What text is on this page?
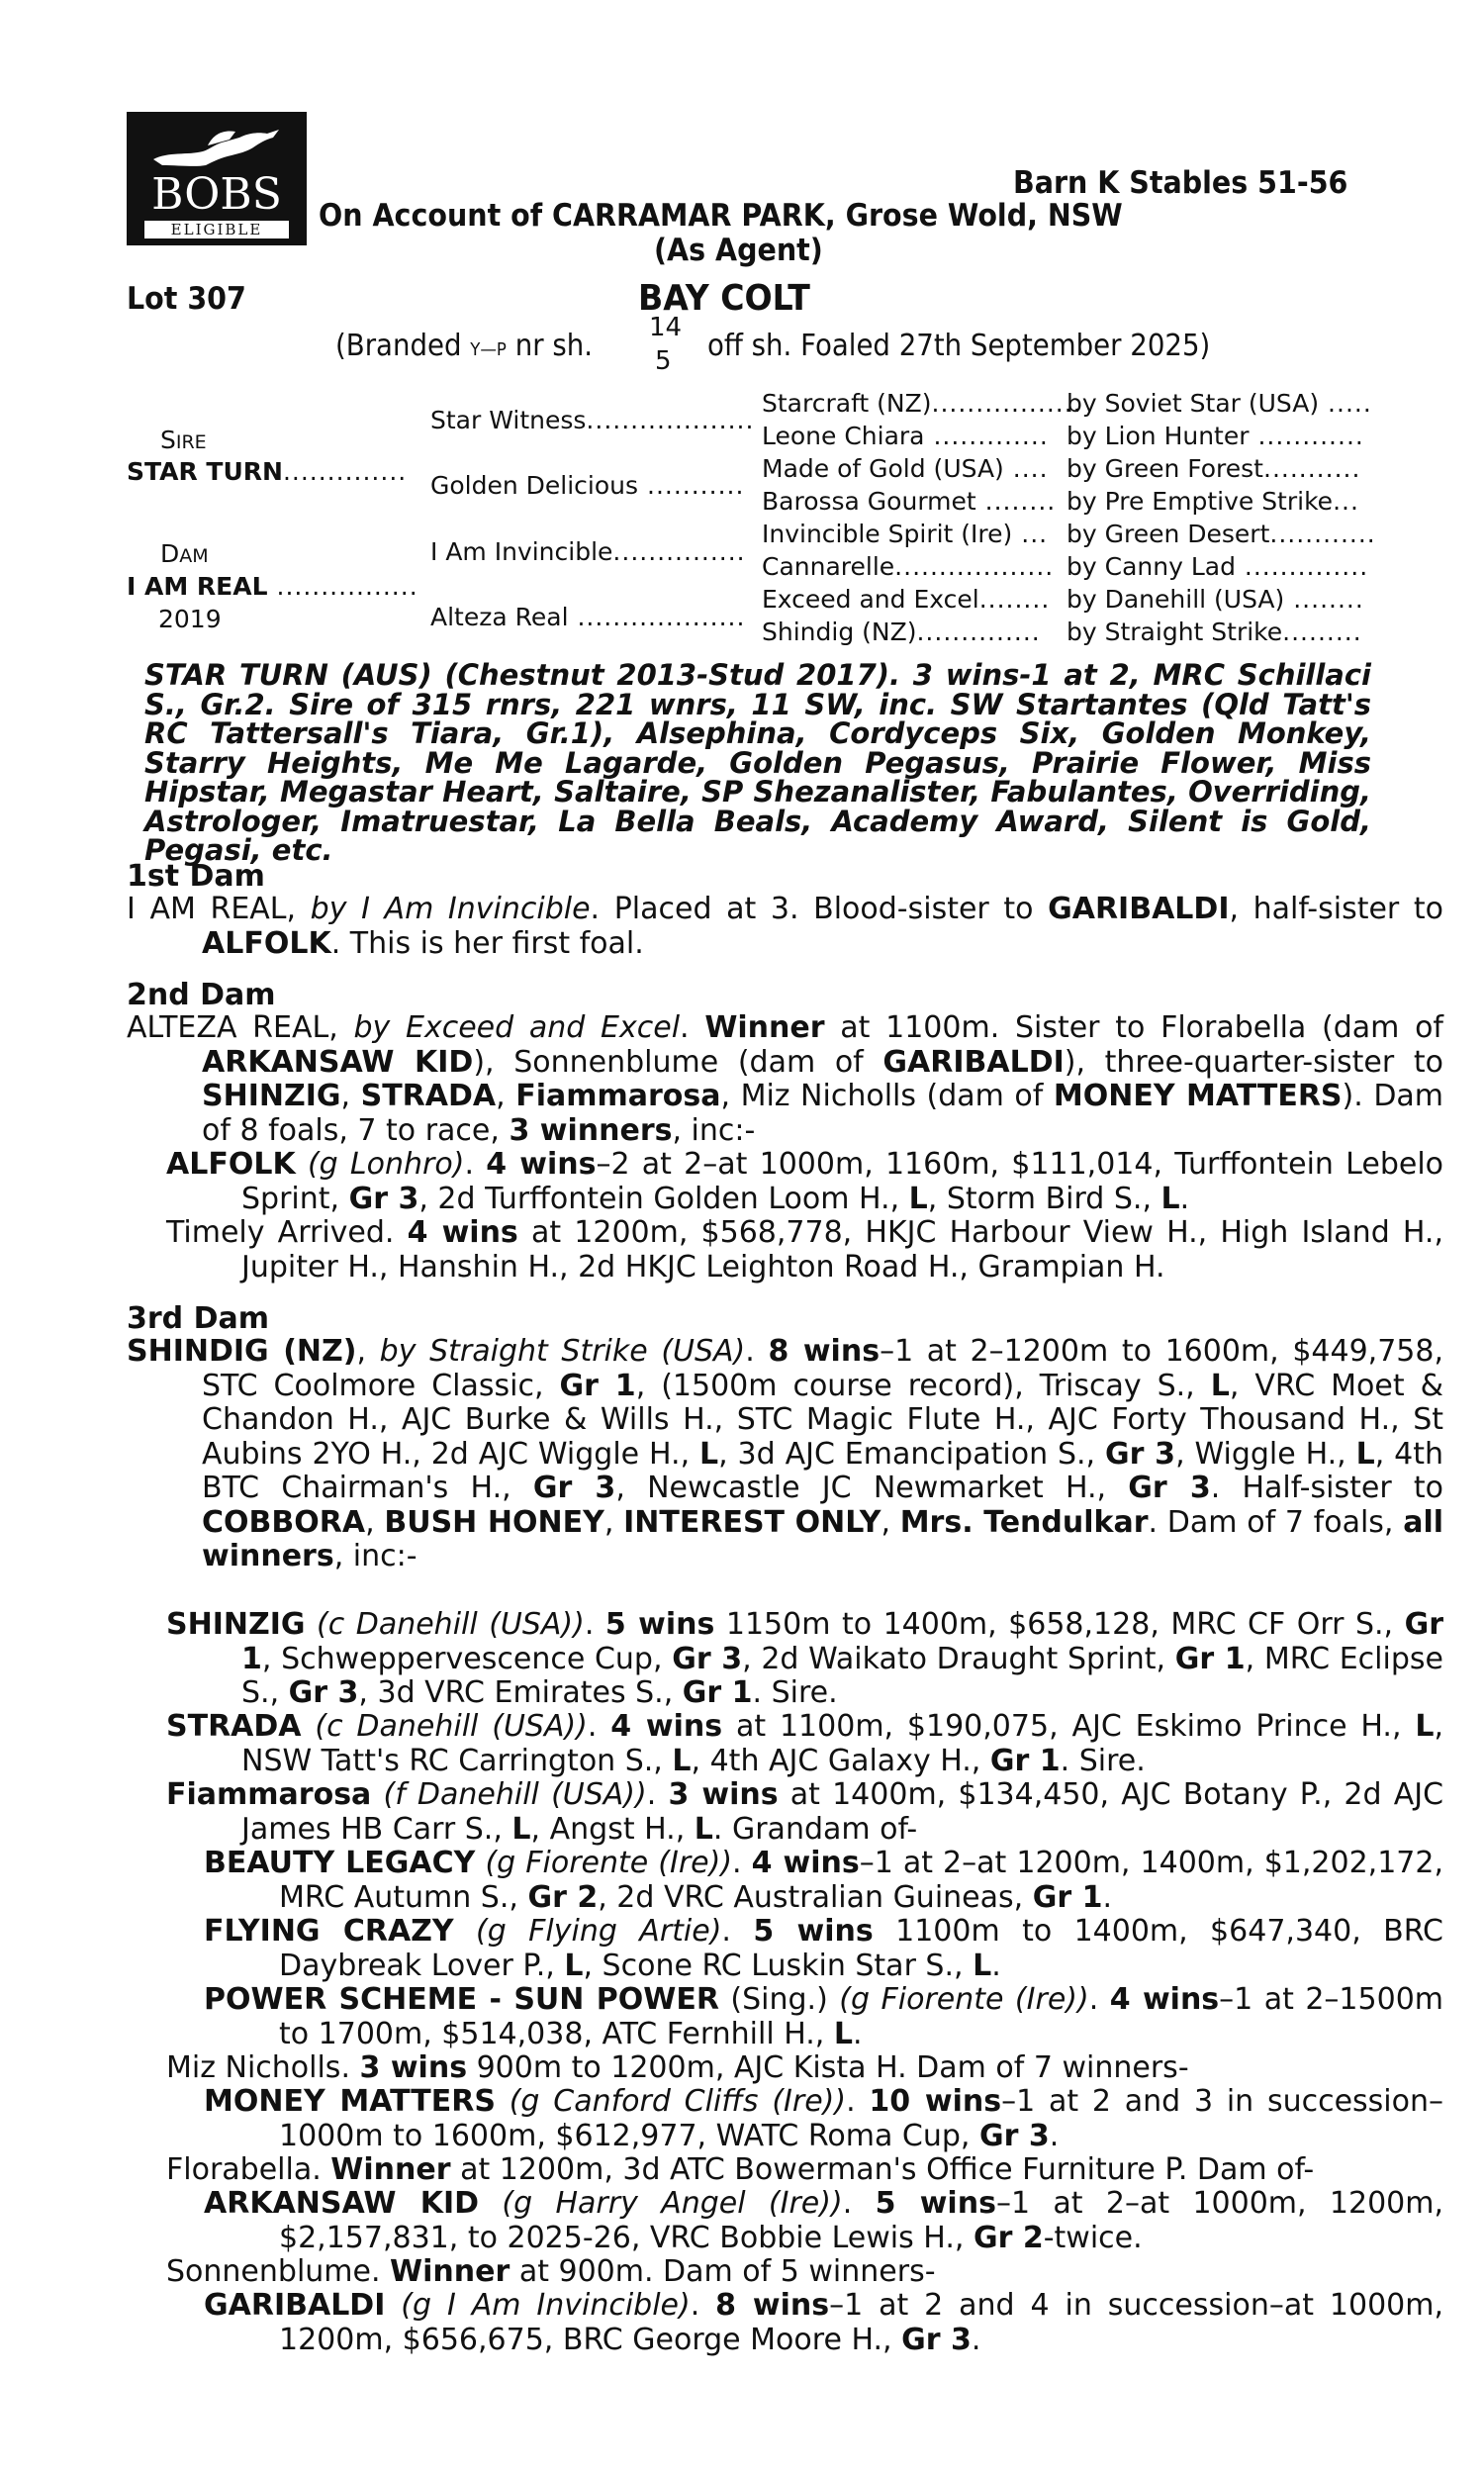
BOBS
ELIGIBLE
Barn K Stables 51-56
On Account of CARRAMAR PARK, Grose Wold, NSW
(As Agent)
Lot 307	BAY COLT
(Branded Y—P nr sh.
14
5 off sh. Foaled 27th September 2025)
SIRE
STAR TURN..............
DAM
I AM REAL ................
2019
Star Witness...................
Golden Delicious ...........
I Am Invincible...............
Alteza Real ...................
Starcraft (NZ).................
Leone Chiara .............
Made of Gold (USA) ....
Barossa Gourmet ........
Invincible Spirit (Ire) ...
Cannarelle..................
Exceed and Excel........
Shindig (NZ)..............
by Soviet Star (USA) .....
by Lion Hunter ............
by Green Forest...........
by Pre Emptive Strike...
by Green Desert............
by Canny Lad ..............
by Danehill (USA) ........
by Straight Strike.........
STAR TURN (AUS) (Chestnut 2013-Stud 2017). 3 wins-1 at 2, MRC Schillaci S., Gr.2. Sire of 315 rnrs, 221 wnrs, 11 SW, inc. SW Startantes (Qld Tatt's RC Tattersall's Tiara, Gr.1), Alsephina, Cordyceps Six, Golden Monkey, Starry Heights, Me Me Lagarde, Golden Pegasus, Prairie Flower, Miss Hipstar, Megastar Heart, Saltaire, SP Shezanalister, Fabulantes, Overriding, Astrologer, Imatruestar, La Bella Beals, Academy Award, Silent is Gold, Pegasi, etc.
1st Dam
I AM REAL, by I Am Invincible. Placed at 3. Blood-sister to GARIBALDI, half-sister to ALFOLK. This is her first foal.
2nd Dam
ALTEZA REAL, by Exceed and Excel. Winner at 1100m. Sister to Florabella (dam of ARKANSAW KID), Sonnenblume (dam of GARIBALDI), three-quarter-sister to SHINZIG, STRADA, Fiammarosa, Miz Nicholls (dam of MONEY MATTERS). Dam of 8 foals, 7 to race, 3 winners, inc:-
ALFOLK (g Lonhro). 4 wins–2 at 2–at 1000m, 1160m, $111,014, Turffontein Lebelo Sprint, Gr 3, 2d Turffontein Golden Loom H., L, Storm Bird S., L.
Timely Arrived. 4 wins at 1200m, $568,778, HKJC Harbour View H., High Island H., Jupiter H., Hanshin H., 2d HKJC Leighton Road H., Grampian H.
3rd Dam
SHINDIG (NZ), by Straight Strike (USA). 8 wins–1 at 2–1200m to 1600m, $449,758, STC Coolmore Classic, Gr 1, (1500m course record), Triscay S., L, VRC Moet & Chandon H., AJC Burke & Wills H., STC Magic Flute H., AJC Forty Thousand H., St Aubins 2YO H., 2d AJC Wiggle H., L, 3d AJC Emancipation S., Gr 3, Wiggle H., L, 4th BTC Chairman's H., Gr 3, Newcastle JC Newmarket H., Gr 3. Half-sister to COBBORA, BUSH HONEY, INTEREST ONLY, Mrs. Tendulkar. Dam of 7 foals, all winners, inc:-
SHINZIG (c Danehill (USA)). 5 wins 1150m to 1400m, $658,128, MRC CF Orr S., Gr 1, Schweppervescence Cup, Gr 3, 2d Waikato Draught Sprint, Gr 1, MRC Eclipse S., Gr 3, 3d VRC Emirates S., Gr 1. Sire.
STRADA (c Danehill (USA)). 4 wins at 1100m, $190,075, AJC Eskimo Prince H., L, NSW Tatt's RC Carrington S., L, 4th AJC Galaxy H., Gr 1. Sire.
Fiammarosa (f Danehill (USA)). 3 wins at 1400m, $134,450, AJC Botany P., 2d AJC James HB Carr S., L, Angst H., L. Grandam of-
BEAUTY LEGACY (g Fiorente (Ire)). 4 wins–1 at 2–at 1200m, 1400m, $1,202,172, MRC Autumn S., Gr 2, 2d VRC Australian Guineas, Gr 1.
FLYING CRAZY (g Flying Artie). 5 wins 1100m to 1400m, $647,340, BRC Daybreak Lover P., L, Scone RC Luskin Star S., L.
POWER SCHEME - SUN POWER (Sing.) (g Fiorente (Ire)). 4 wins–1 at 2–1500m to 1700m, $514,038, ATC Fernhill H., L.
Miz Nicholls. 3 wins 900m to 1200m, AJC Kista H. Dam of 7 winners-
MONEY MATTERS (g Canford Cliffs (Ire)). 10 wins–1 at 2 and 3 in succession–1000m to 1600m, $612,977, WATC Roma Cup, Gr 3.
Florabella. Winner at 1200m, 3d ATC Bowerman's Office Furniture P. Dam of-
ARKANSAW KID (g Harry Angel (Ire)). 5 wins–1 at 2–at 1000m, 1200m, $2,157,831, to 2025-26, VRC Bobbie Lewis H., Gr 2-twice.
Sonnenblume. Winner at 900m. Dam of 5 winners-
GARIBALDI (g I Am Invincible). 8 wins–1 at 2 and 4 in succession–at 1000m, 1200m, $656,675, BRC George Moore H., Gr 3.
